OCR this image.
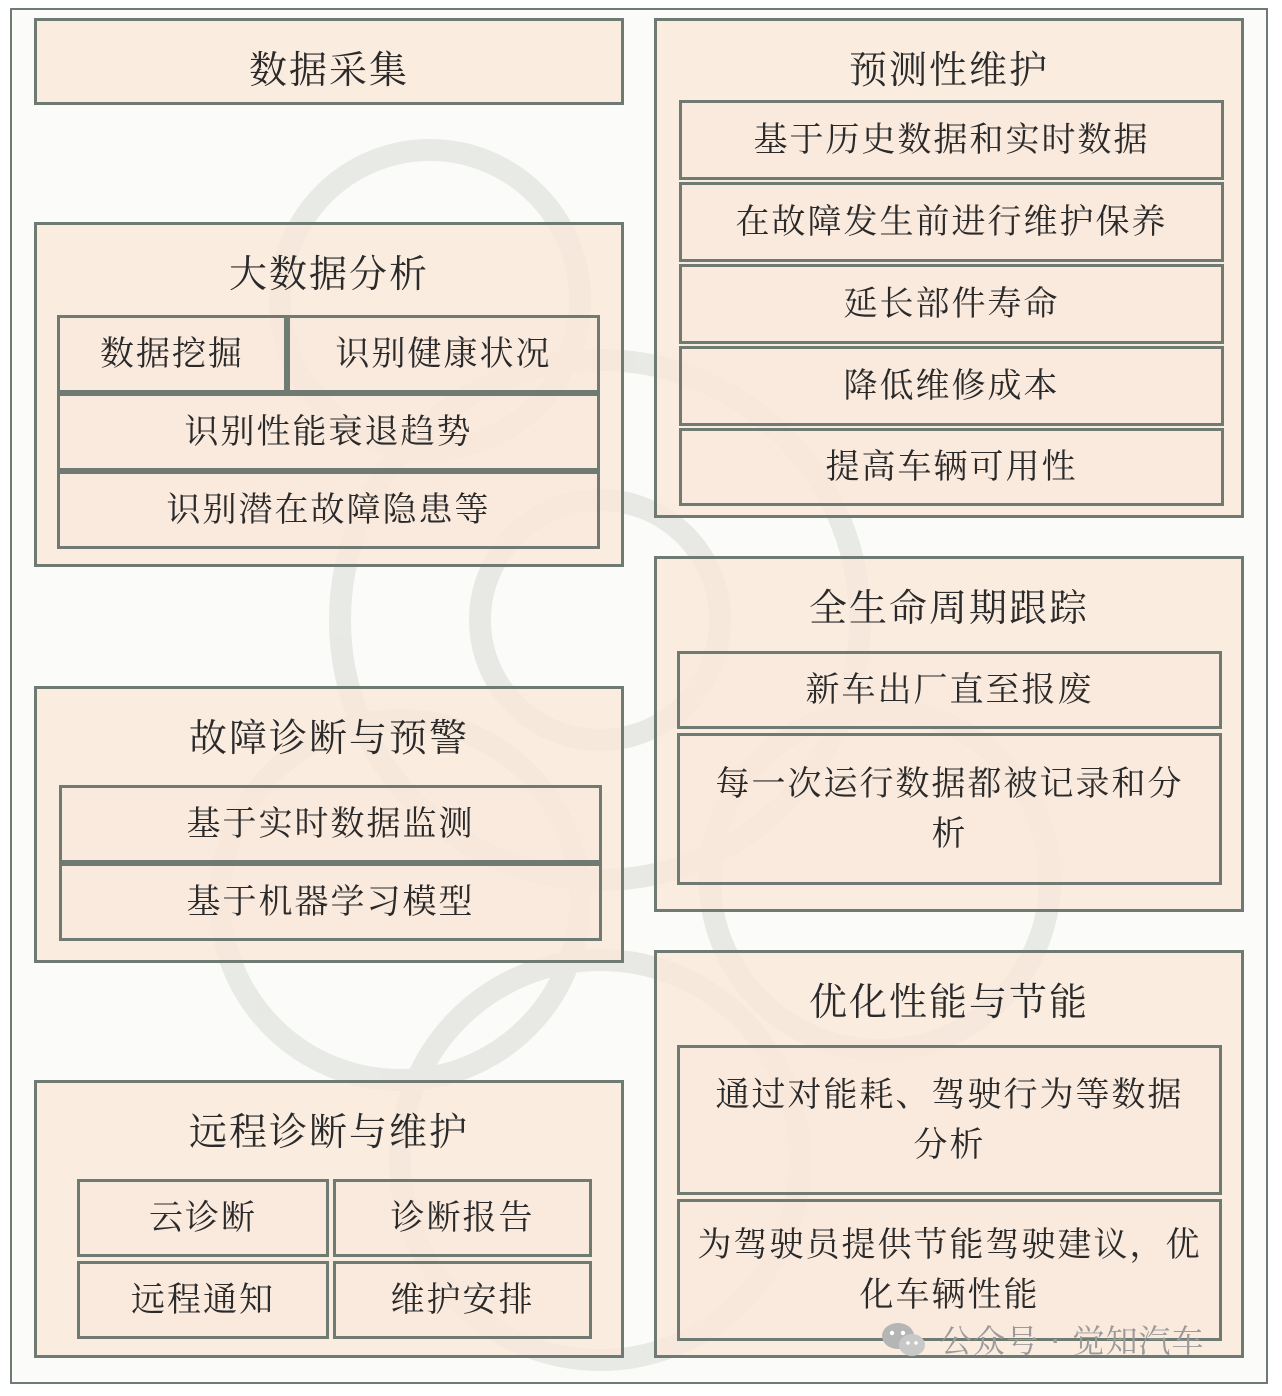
数据采集
大数据分析
数据挖掘	识别健康状况
识别性能衰退趋势
识别潜在故障隐患等
故障诊断与预警
基于实时数据监测
基于机器学习模型
远程诊断与维护
云诊断	诊断报告
远程通知	维护安排
预测性维护
基于历史数据和实时数据
在故障发生前进行维护保养
延长部件寿命
降低维修成本
提高车辆可用性
全生命周期跟踪
新车出厂直至报废
每一次运行数据都被记录和分析
优化性能与节能
通过对能耗、驾驶行为等数据分析
为驾驶员提供节能驾驶建议，优化车辆性能
公众号 · 觉知汽车
